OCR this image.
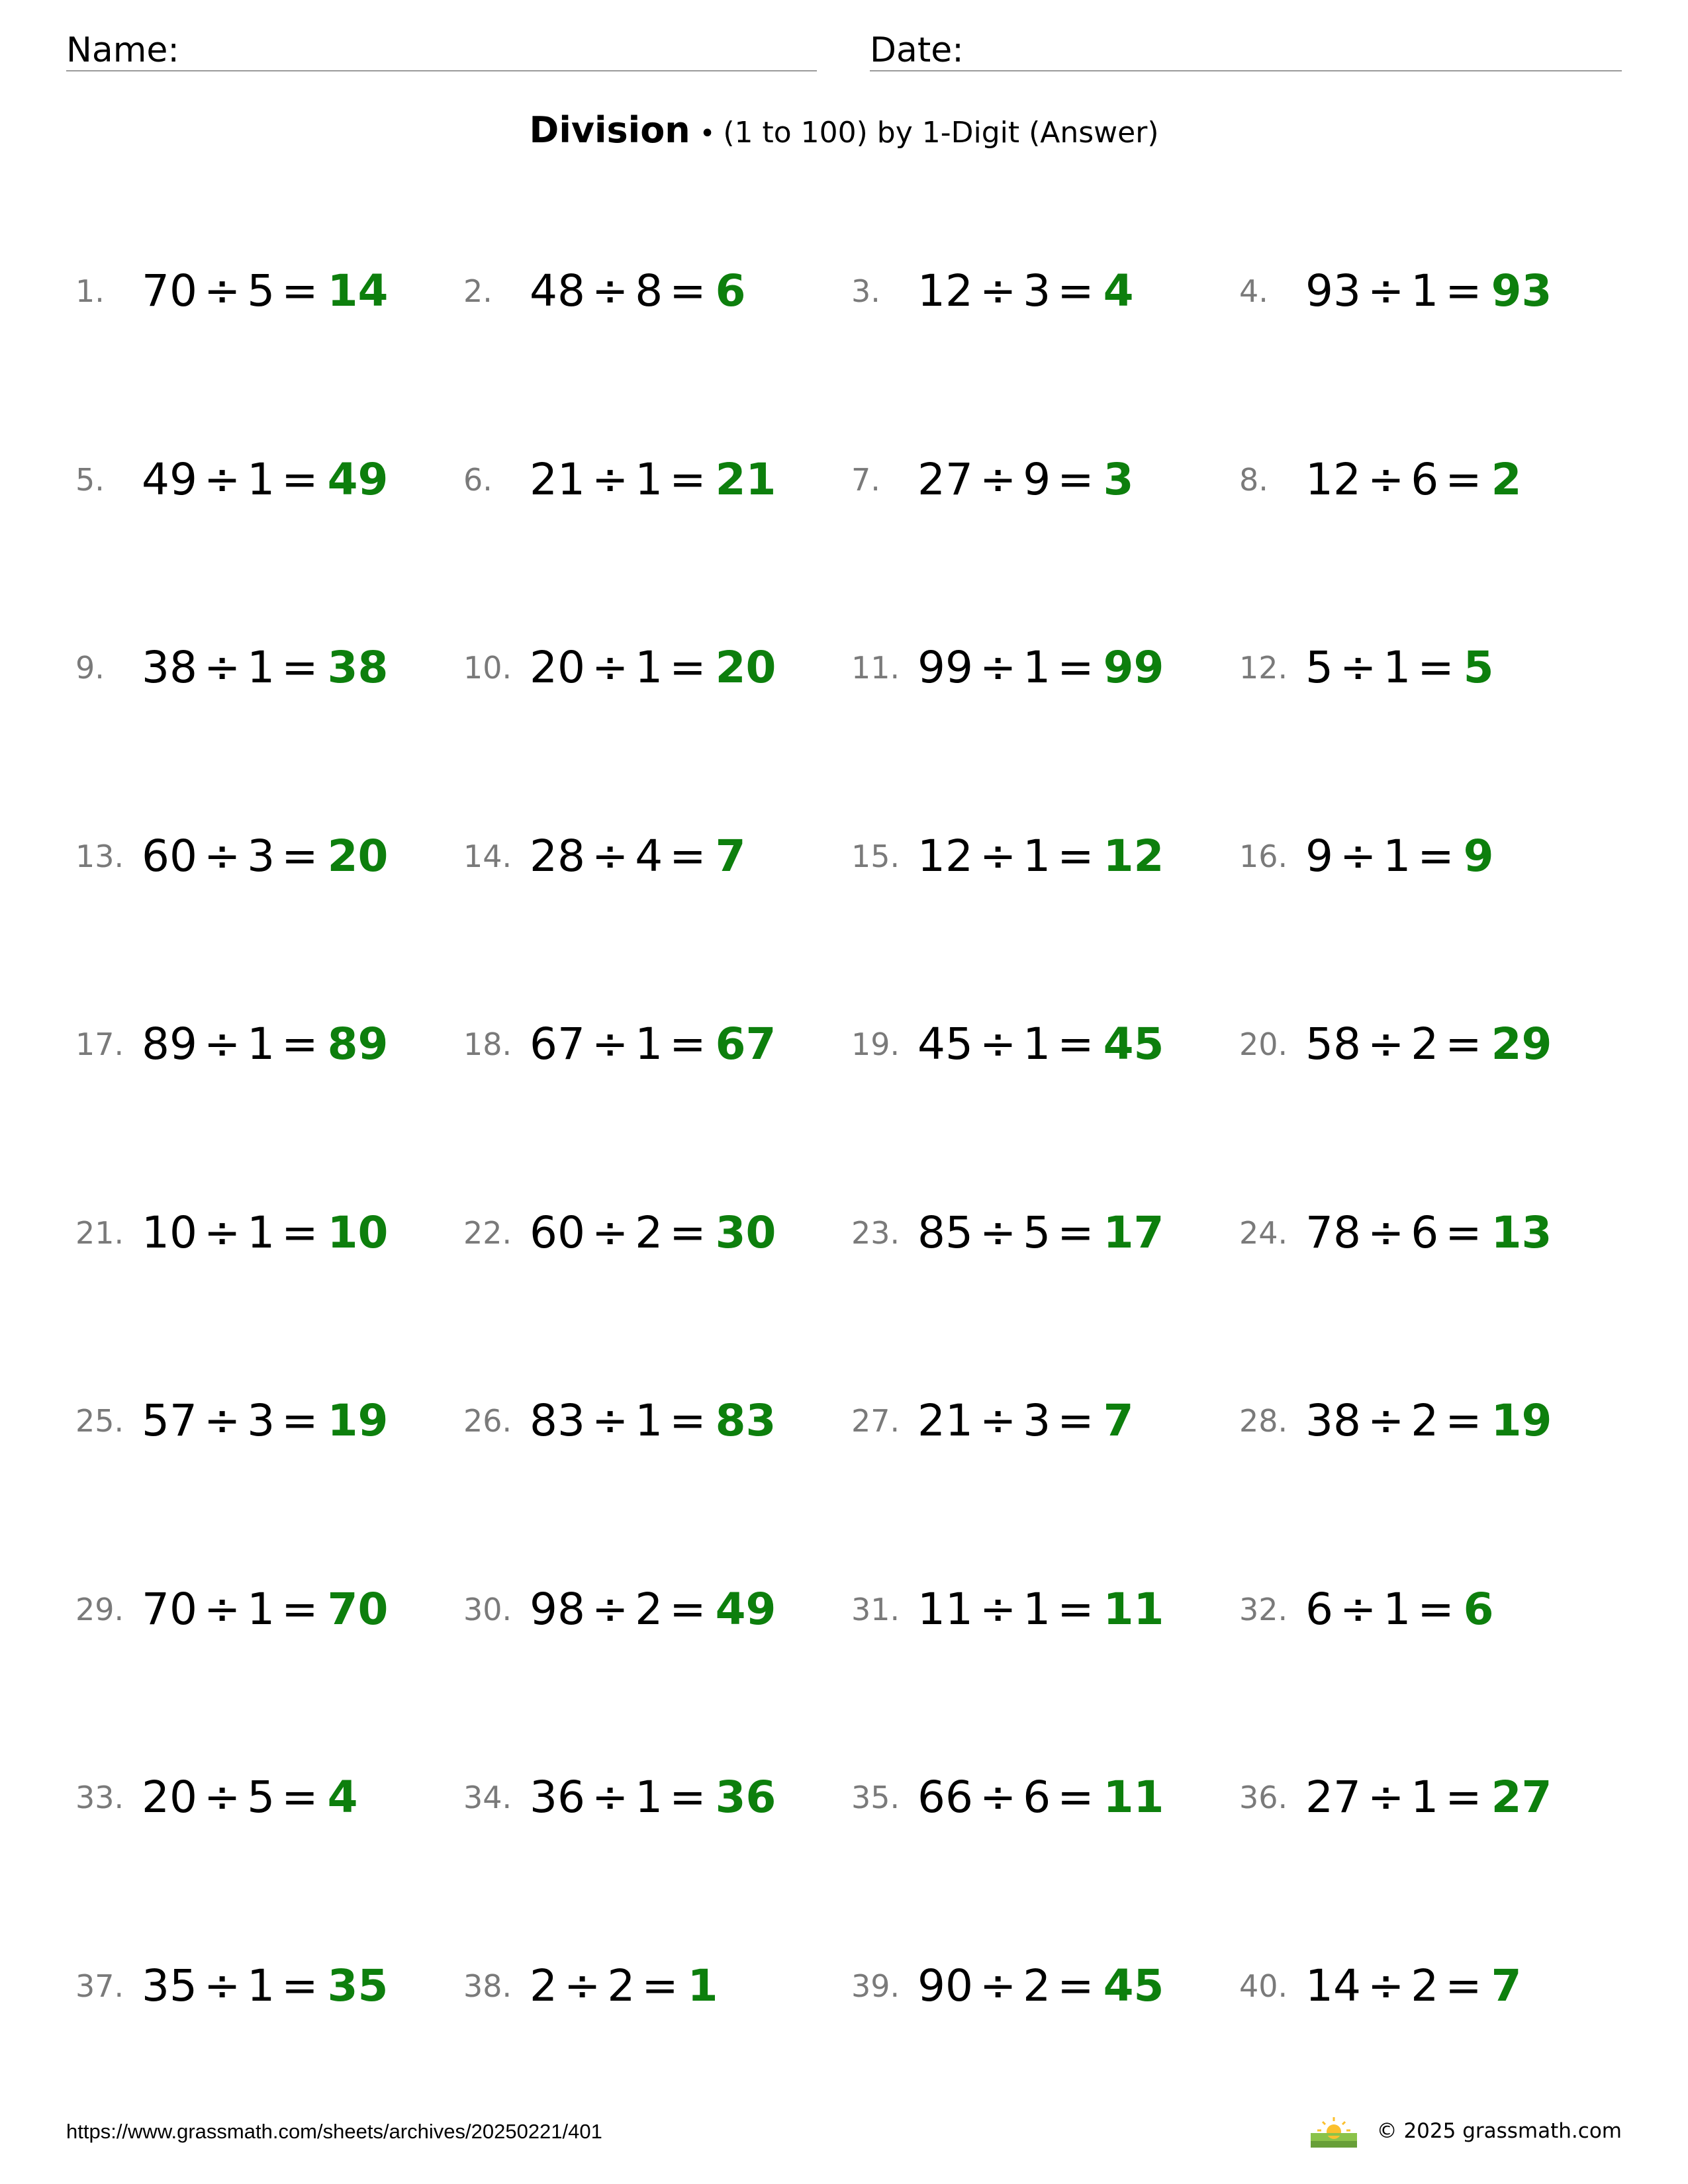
Name:	Date:
Division • (1 to 100) by 1-Digit (Answer)
1. 70 ÷ 5 = 14 2. 48 ÷ 8 = 6	3. 12 ÷ 3 = 4	4. 93 ÷ 1 = 93
5. 49 ÷ 1 = 49 6. 21 ÷ 1 = 21 7. 27 ÷ 9 = 3	8. 12 ÷ 6 = 2
9. 38 ÷ 1 = 38 10. 20 ÷ 1 = 20 11. 99 ÷ 1 = 99 12. 5 ÷ 1 = 5
13. 60 ÷ 3 = 20 14. 28 ÷ 4 = 7	15. 12 ÷ 1 = 12 16. 9 ÷ 1 = 9
17. 89 ÷ 1 = 89 18. 67 ÷ 1 = 67 19. 45 ÷ 1 = 45 20. 58 ÷ 2 = 29
21. 10 ÷ 1 = 10 22. 60 ÷ 2 = 30 23. 85 ÷ 5 = 17 24. 78 ÷ 6 = 13
25. 57 ÷ 3 = 19 26. 83 ÷ 1 = 83 27. 21 ÷ 3 = 7	28. 38 ÷ 2 = 19
29. 70 ÷ 1 = 70 30. 98 ÷ 2 = 49 31. 11 ÷ 1 = 11 32. 6 ÷ 1 = 6
33. 20 ÷ 5 = 4	34. 36 ÷ 1 = 36 35. 66 ÷ 6 = 11 36. 27 ÷ 1 = 27
37. 35 ÷ 1 = 35 38. 2 ÷ 2 = 1	39. 90 ÷ 2 = 45 40. 14 ÷ 2 = 7
https://www.grassmath.com/sheets/archives/20250221/401	© 2025 grassmath.com
